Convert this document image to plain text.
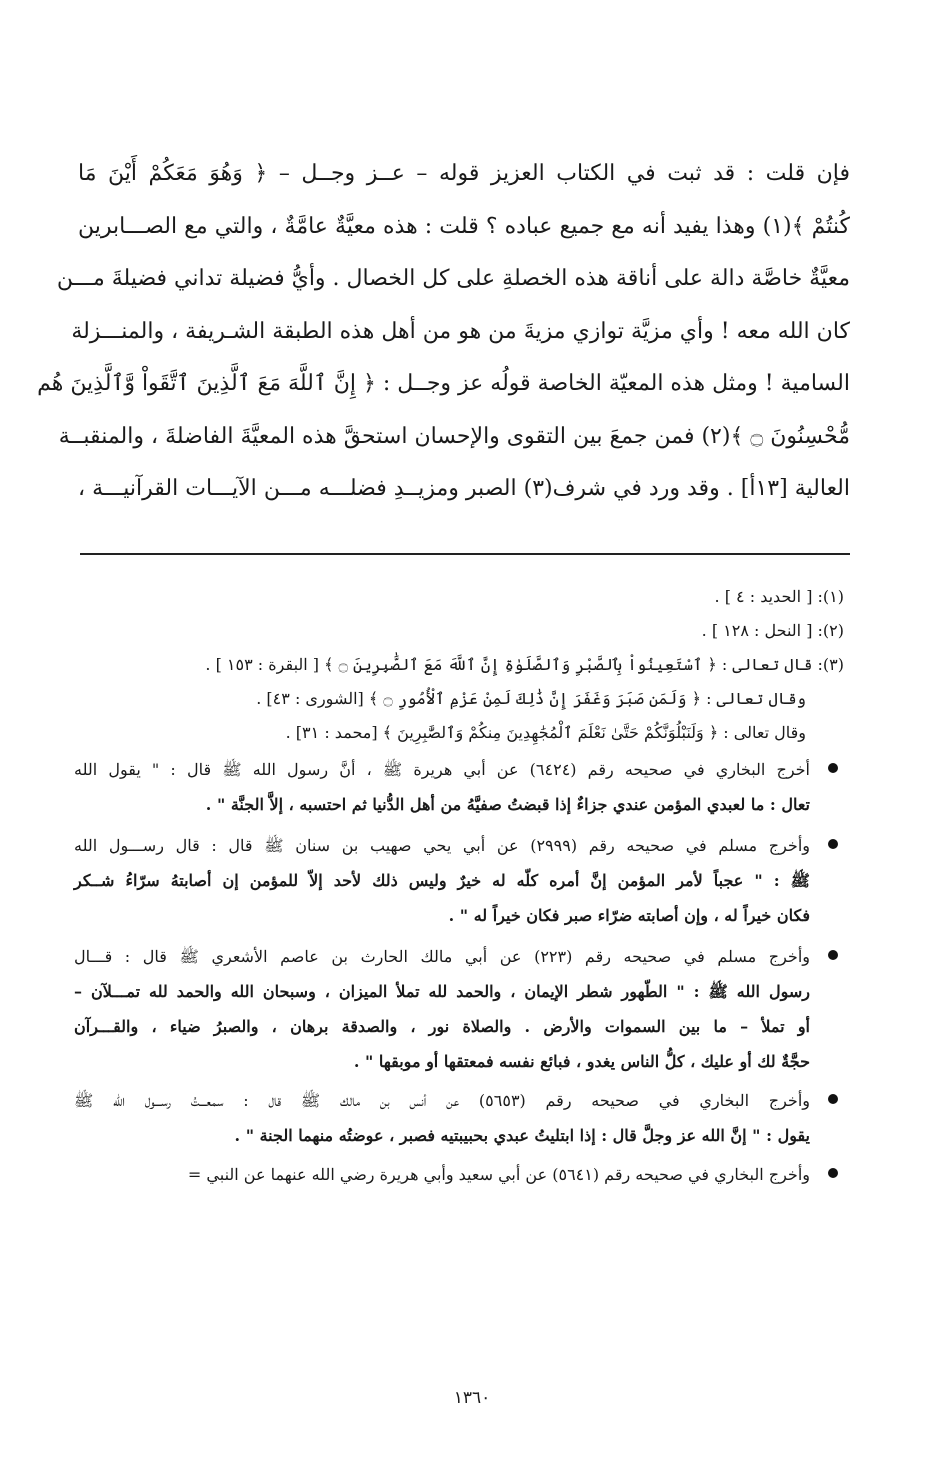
فإن قلت : قد ثبت في الكتاب العزيز قوله – عــز وجــل – ﴿ وَهُوَ مَعَكُمْ أَيْنَ مَا
كُنتُمْ ﴾(١) وهذا يفيد أنه مع جميع عباده ؟ قلت : هذه معيَّةٌ عامَّةٌ ، والتي مع الصـــابرين
معيَّةٌ خاصَّة دالة على أناقة هذه الخصلةِ على كل الخصال . وأيُّ فضيلة تداني فضيلةَ مـــن
كان الله معه ! وأي مزيَّة توازي مزيةَ من هو من أهل هذه الطبقة الشـريفة ، والمنـــزلة
السامية ! ومثل هذه المعيّة الخاصة قولُه عز وجــل : ﴿ إِنَّ ٱللَّهَ مَعَ ٱلَّذِينَ ٱتَّقَواْ وَّٱلَّذِينَ هُم
مُّحْسِنُونَ ۝ ﴾(٢) فمن جمعَ بين التقوى والإحسان استحقَّ هذه المعيَّةَ الفاضلةَ ، والمنقبــة
العالية [١٣أ] . وقد ورد في شرف(٣) الصبر ومزيــدِ فضلـــه مـــن الآيـــات القرآنيـــة ،
(١): [ الحديد : ٤ ] .
(٢): [ النحل : ١٢٨ ] .
(٣): قال تعالى : ﴿ ٱسْتَعِينُواْ بِٱلصَّبْرِ وَٱلصَّلَوٰةِ إِنَّ ٱللَّهَ مَعَ ٱلصَّٰبِرِينَ ۝ ﴾ [ البقرة : ١٥٣ ] .
وقال تعالى : ﴿ وَلَمَن صَبَرَ وَغَفَرَ إِنَّ ذَٰلِكَ لَمِنْ عَزْمِ ٱلْأُمُورِ ۝ ﴾ [الشورى : ٤٣] .
وقال تعالى : ﴿ وَلَنَبْلُوَنَّكُمْ حَتَّىٰ نَعْلَمَ ٱلْمُجَٰهِدِينَ مِنكُمْ وَٱلصَّٰبِرِينَ ﴾ [محمد : ٣١] .
أخرج البخاري في صحيحه رقم (٦٤٢٤) عن أبي هريرة ﷺ ، أنَّ رسول الله ﷺ قال : " يقول الله
تعال : ما لعبدي المؤمن عندي جزاءٌ إذا قبضتُ صفيَّهُ من أهل الدُّنيا ثم احتسبه ، إلاَّ الجنَّة " .
وأخرج مسلم في صحيحه رقم (٢٩٩٩) عن أبي يحي صهيب بن سنان ﷺ قال : قال رســـول الله
ﷺ : " عجباً لأمر المؤمن إنَّ أمره كلّه له خيرٌ وليس ذلك لأحد إلاّ للمؤمن إن أصابتهُ سرّاءُ شــكر
فكان خيراً له ، وإن أصابته ضرّاء صبر فكان خيراً له " .
وأخرج مسلم في صحيحه رقم (٢٢٣) عن أبي مالك الحارث بن عاصم الأشعري ﷺ قال : قـــال
رسول الله ﷺ : " الطّهور شطر الإيمان ، والحمد لله تملأ الميزان ، وسبحان الله والحمد لله تمـــلآن –
أو تملأ – ما بين السموات والأرض . والصلاة نور ، والصدقة برهان ، والصبرُ ضياء ، والقـــرآن
حجَّةٌ لك أو عليك ، كلُّ الناس يغدو ، فبائع نفسه فمعتقها أو موبقها " .
وأخرج البخاري في صحيحه رقم (٥٦٥٣) عن أنس بن مالك ﷺ قال : سمعـــتُ رســـول الله ﷺ
يقول : " إنَّ الله عز وجلَّ قال : إذا ابتليتُ عبدي بحبيبتيه فصبر ، عوضتُه منهما الجنة " .
وأخرج البخاري في صحيحه رقم (٥٦٤١) عن أبي سعيد وأبي هريرة رضي الله عنهما عن النبي =
١٣٦٠
